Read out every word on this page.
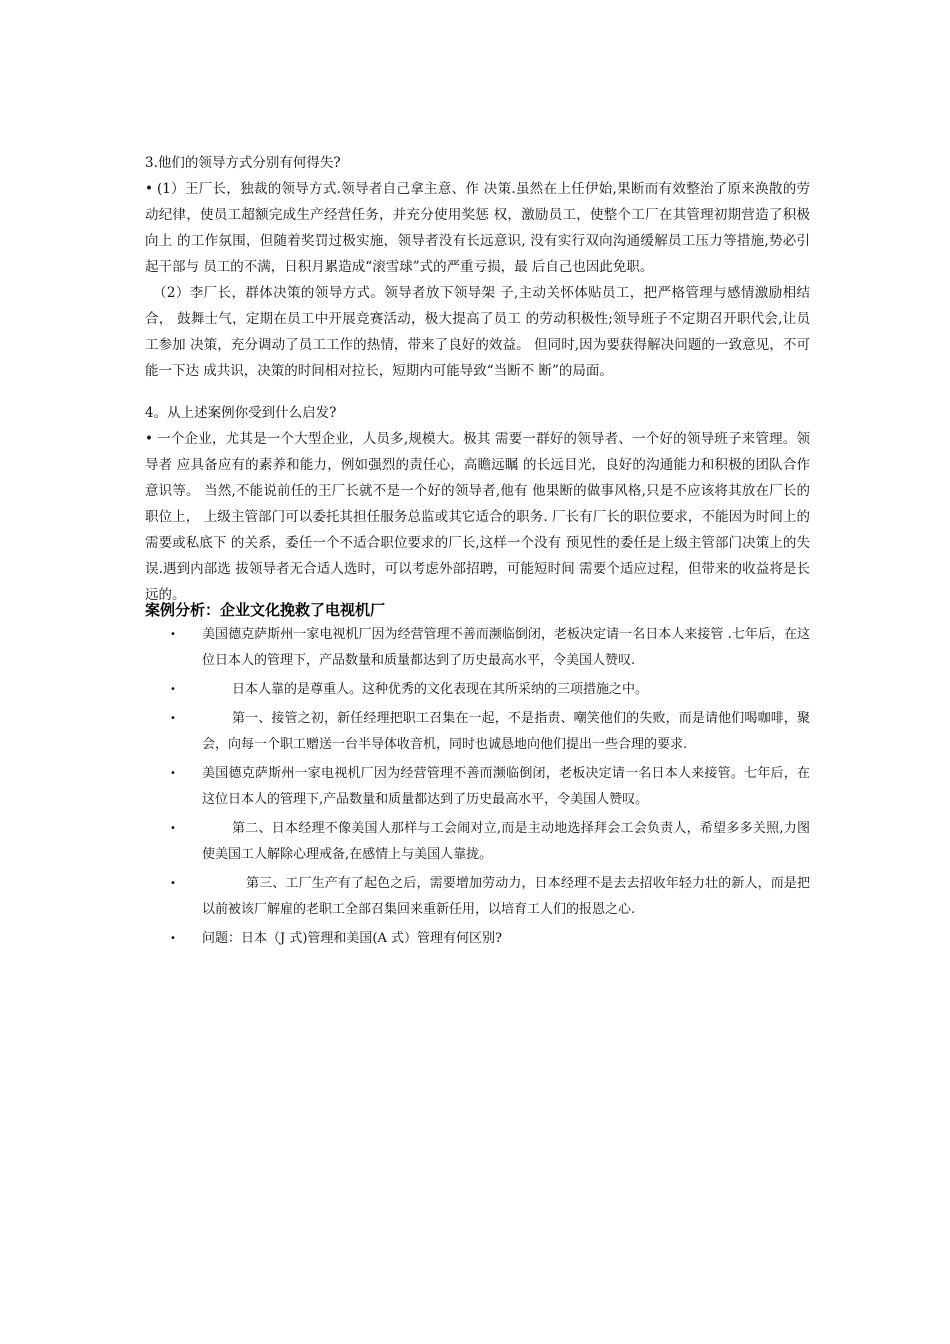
3.他们的领导方式分别有何得失?

• (1）王厂长，独裁的领导方式.领导者自己拿主意、作 决策.虽然在上任伊始,果断而有效整治了原来涣散的劳 动纪律，使员工超额完成生产经营任务，并充分使用奖惩 权，激励员工，使整个工厂在其管理初期营造了积极向上 的工作氛围，但随着奖罚过极实施，领导者没有长远意识, 没有实行双向沟通缓解员工压力等措施,势必引起干部与 员工的不满，日积月累造成“滚雪球”式的严重亏损，最 后自己也因此免职。

（2）李厂长，群体决策的领导方式。领导者放下领导架 子,主动关怀体贴员工，把严格管理与感情激励相结合， 鼓舞士气，定期在员工中开展竞赛活动，极大提高了员工 的劳动积极性;领导班子不定期召开职代会,让员工参加 决策，充分调动了员工工作的热情，带来了良好的效益。 但同时,因为要获得解决问题的一致意见，不可能一下达 成共识，决策的时间相对拉长，短期内可能导致“当断不 断”的局面。

4。从上述案例你受到什么启发?

• 一个企业，尤其是一个大型企业，人员多,规模大。极其 需要一群好的领导者、一个好的领导班子来管理。领导者 应具备应有的素养和能力，例如强烈的责任心，高瞻远瞩 的长远目光，良好的沟通能力和积极的团队合作意识等。 当然,不能说前任的王厂长就不是一个好的领导者,他有 他果断的做事风格,只是不应该将其放在厂长的职位上， 上级主管部门可以委托其担任服务总监或其它适合的职务. 厂长有厂长的职位要求，不能因为时间上的需要或私底下 的关系，委任一个不适合职位要求的厂长,这样一个没有 预见性的委任是上级主管部门决策上的失误.遇到内部选 拔领导者无合适人选时，可以考虑外部招聘，可能短时间 需要个适应过程，但带来的收益将是长远的。

案例分析：企业文化挽救了电视机厂
• 美国德克萨斯州一家电视机厂因为经营管理不善而濒临倒闭，老板决定请一名日本人来接管 .七年后，在这位日本人的管理下，产品数量和质量都达到了历史最高水平，令美国人赞叹.
•	日本人靠的是尊重人。这种优秀的文化表现在其所采纳的三项措施之中。
•	第一、接管之初，新任经理把职工召集在一起，不是指责、嘲笑他们的失败，而是请他们喝咖啡，聚会，向每一个职工赠送一台半导体收音机，同时也诚恳地向他们提出一些合理的要求.
• 美国德克萨斯州一家电视机厂因为经营管理不善而濒临倒闭，老板决定请一名日本人来接管。七年后，在这位日本人的管理下,产品数量和质量都达到了历史最高水平，令美国人赞叹。
•	第二、日本经理不像美国人那样与工会闹对立,而是主动地选择拜会工会负责人，希望多多关照,力图使美国工人解除心理戒备,在感情上与美国人靠拢。
•	第三、工厂生产有了起色之后，需要增加劳动力，日本经理不是去去招收年轻力壮的新人，而是把以前被该厂解雇的老职工全部召集回来重新任用，以培育工人们的报恩之心.
• 问题：日本（J 式)管理和美国(A 式）管理有何区别?
